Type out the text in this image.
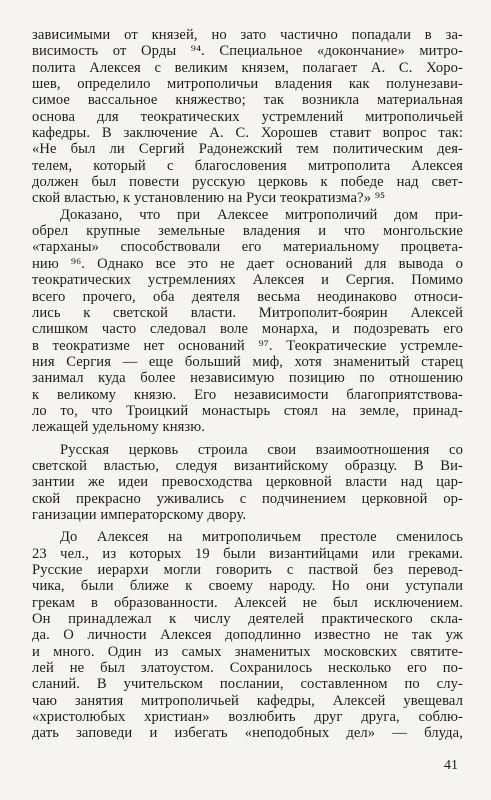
зависимыми от князей, но зато частично попадали в за-
висимость от Орды ⁹⁴. Специальное «докончание» митро-
полита Алексея с великим князем, полагает А. С. Хоро-
шев, определило митрополичьи владения как полунезави-
симое вассальное княжество; так возникла материальная
основа для теократических устремлений митрополичьей
кафедры. В заключение А. С. Хорошев ставит вопрос так:
«Не был ли Сергий Радонежский тем политическим дея-
телем, который с благословения митрополита Алексея
должен был повести русскую церковь к победе над свет-
ской властью, к установлению на Руси теократизма?» ⁹⁵
Доказано, что при Алексее митрополичий дом при-
обрел крупные земельные владения и что монгольские
«тарханы» способствовали его материальному процвета-
нию ⁹⁶. Однако все это не дает оснований для вывода о
теократических устремлениях Алексея и Сергия. Помимо
всего прочего, оба деятеля весьма неодинаково относи-
лись к светской власти. Митрополит-боярин Алексей
слишком часто следовал воле монарха, и подозревать его
в теократизме нет оснований ⁹⁷. Теократические устремле-
ния Сергия — еще больший миф, хотя знаменитый старец
занимал куда более независимую позицию по отношению
к великому князю. Его независимости благоприятствова-
ло то, что Троицкий монастырь стоял на земле, принад-
лежащей удельному князю.
Русская церковь строила свои взаимоотношения со
светской властью, следуя византийскому образцу. В Ви-
зантии же идеи превосходства церковной власти над цар-
ской прекрасно уживались с подчинением церковной ор-
ганизации императорскому двору.
До Алексея на митрополичьем престоле сменилось
23 чел., из которых 19 были византийцами или греками.
Русские иерархи могли говорить с паствой без перевод-
чика, были ближе к своему народу. Но они уступали
грекам в образованности. Алексей не был исключением.
Он принадлежал к числу деятелей практического скла-
да. О личности Алексея доподлинно известно не так уж
и много. Один из самых знаменитых московских святите-
лей не был златоустом. Сохранилось несколько его по-
сланий. В учительском послании, составленном по слу-
чаю занятия митрополичьей кафедры, Алексей увещевал
«христолюбых христиан» возлюбить друг друга, соблю-
дать заповеди и избегать «неподобных дел» — блуда,
41
